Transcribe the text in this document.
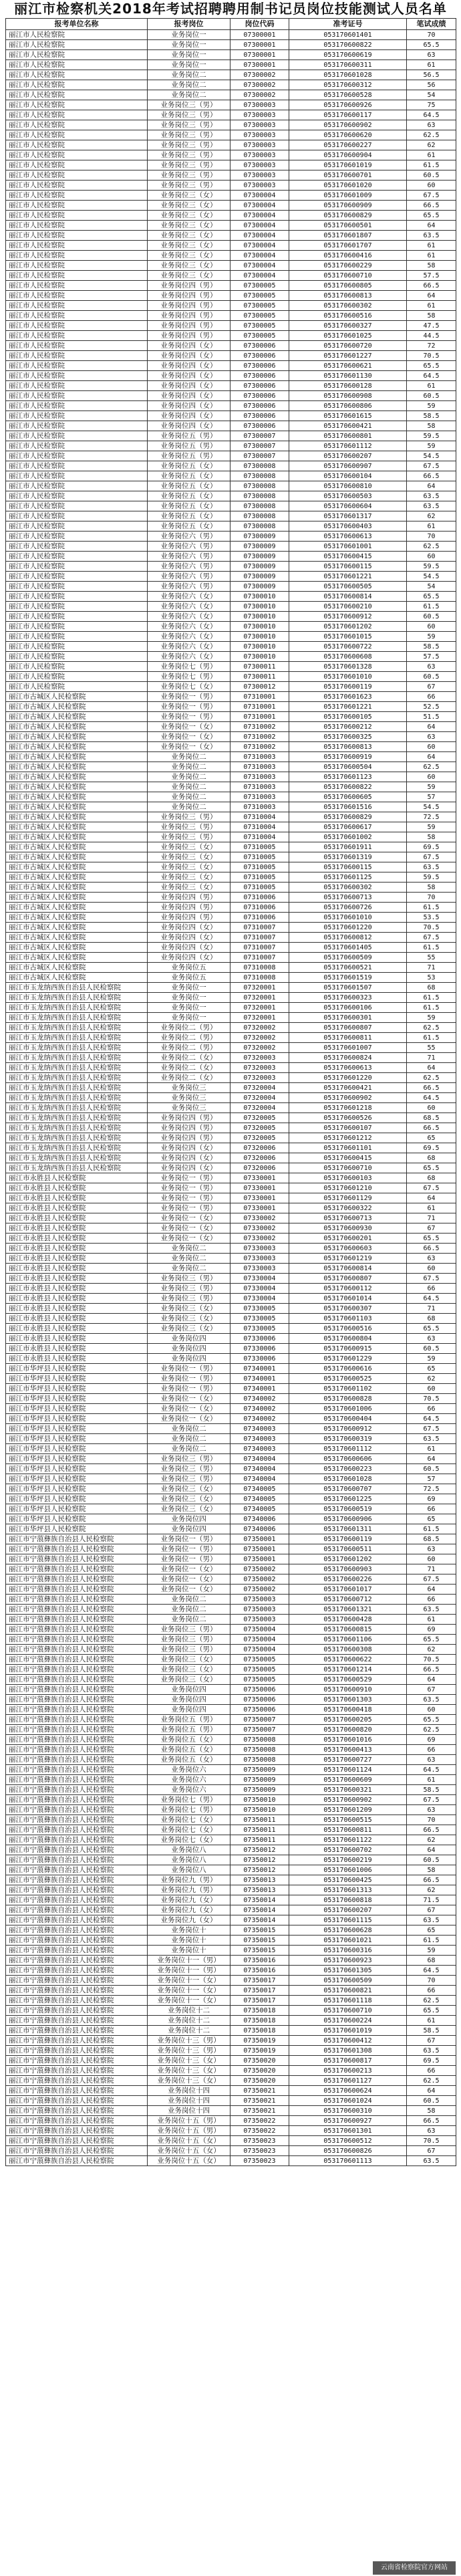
丽江市检察机关2018年考试招聘聘用制书记员岗位技能测试人员名单
报考单位名称	报考岗位	岗位代码	准考证号	笔试成绩
丽江市人民检察院	业务岗位一	07300001	053170601401	70
丽江市人民检察院	业务岗位一	07300001	053170600822	65.5
丽江市人民检察院	业务岗位一	07300001	053170600619	63
丽江市人民检察院	业务岗位一	07300001	053170600311	61
丽江市人民检察院	业务岗位二	07300002	053170601028	56.5
丽江市人民检察院	业务岗位二	07300002	053170600312	56
丽江市人民检察院	业务岗位二	07300002	053170600528	54
丽江市人民检察院	业务岗位三（男）	07300003	053170600926	75
丽江市人民检察院	业务岗位三（男）	07300003	053170600117	64.5
丽江市人民检察院	业务岗位三（男）	07300003	053170600902	63
丽江市人民检察院	业务岗位三（男）	07300003	053170600620	62.5
丽江市人民检察院	业务岗位三（男）	07300003	053170600227	62
丽江市人民检察院	业务岗位三（男）	07300003	053170600904	61
丽江市人民检察院	业务岗位三（男）	07300003	053170601019	61.5
丽江市人民检察院	业务岗位三（男）	07300003	053170600701	60.5
丽江市人民检察院	业务岗位三（男）	07300003	053170601020	60
丽江市人民检察院	业务岗位三（女）	07300004	053170601009	67.5
丽江市人民检察院	业务岗位三（女）	07300004	053170600909	66.5
丽江市人民检察院	业务岗位三（女）	07300004	053170600829	65.5
丽江市人民检察院	业务岗位三（女）	07300004	053170600501	64
丽江市人民检察院	业务岗位三（女）	07300004	053170601807	63.5
丽江市人民检察院	业务岗位三（女）	07300004	053170601707	61
丽江市人民检察院	业务岗位三（女）	07300004	053170600416	61
丽江市人民检察院	业务岗位三（女）	07300004	053170600229	58
丽江市人民检察院	业务岗位三（女）	07300004	053170600710	57.5
丽江市人民检察院	业务岗位四（男）	07300005	053170600805	66.5
丽江市人民检察院	业务岗位四（男）	07300005	053170600813	64
丽江市人民检察院	业务岗位四（男）	07300005	053170600302	61
丽江市人民检察院	业务岗位四（男）	07300005	053170600516	58
丽江市人民检察院	业务岗位四（男）	07300005	053170600327	47.5
丽江市人民检察院	业务岗位四（男）	07300005	053170601025	44.5
丽江市人民检察院	业务岗位四（女）	07300006	053170600720	72
丽江市人民检察院	业务岗位四（女）	07300006	053170601227	70.5
丽江市人民检察院	业务岗位四（女）	07300006	053170600621	65.5
丽江市人民检察院	业务岗位四（女）	07300006	053170601130	64.5
丽江市人民检察院	业务岗位四（女）	07300006	053170600128	61
丽江市人民检察院	业务岗位四（女）	07300006	053170600908	60.5
丽江市人民检察院	业务岗位四（女）	07300006	053170600806	59
丽江市人民检察院	业务岗位四（女）	07300006	053170601615	58.5
丽江市人民检察院	业务岗位四（女）	07300006	053170600421	58
丽江市人民检察院	业务岗位五（男）	07300007	053170600801	59.5
丽江市人民检察院	业务岗位五（男）	07300007	053170601112	59
丽江市人民检察院	业务岗位五（男）	07300007	053170600207	54.5
丽江市人民检察院	业务岗位五（女）	07300008	053170600907	67.5
丽江市人民检察院	业务岗位五（女）	07300008	053170600104	66.5
丽江市人民检察院	业务岗位五（女）	07300008	053170600810	64
丽江市人民检察院	业务岗位五（女）	07300008	053170600503	63.5
丽江市人民检察院	业务岗位五（女）	07300008	053170600604	63.5
丽江市人民检察院	业务岗位五（女）	07300008	053170601317	62
丽江市人民检察院	业务岗位五（女）	07300008	053170600403	61
丽江市人民检察院	业务岗位六（男）	07300009	053170600613	70
丽江市人民检察院	业务岗位六（男）	07300009	053170601001	62.5
丽江市人民检察院	业务岗位六（男）	07300009	053170600415	60
丽江市人民检察院	业务岗位六（男）	07300009	053170600115	59.5
丽江市人民检察院	业务岗位六（男）	07300009	053170601221	54.5
丽江市人民检察院	业务岗位六（男）	07300009	053170600505	54
丽江市人民检察院	业务岗位六（女）	07300010	053170600814	65.5
丽江市人民检察院	业务岗位六（女）	07300010	053170600210	61.5
丽江市人民检察院	业务岗位六（女）	07300010	053170600912	60.5
丽江市人民检察院	业务岗位六（女）	07300010	053170601202	60
丽江市人民检察院	业务岗位六（女）	07300010	053170601015	59
丽江市人民检察院	业务岗位六（女）	07300010	053170600722	58.5
丽江市人民检察院	业务岗位六（女）	07300010	053170600608	57.5
丽江市人民检察院	业务岗位七（男）	07300011	053170601328	63
丽江市人民检察院	业务岗位七（男）	07300011	053170601010	60.5
丽江市人民检察院	业务岗位七（女）	07300012	053170600119	67
丽江市古城区人民检察院	业务岗位一（男）	07310001	053170601623	66
丽江市古城区人民检察院	业务岗位一（男）	07310001	053170601221	52.5
丽江市古城区人民检察院	业务岗位一（男）	07310001	053170600105	51.5
丽江市古城区人民检察院	业务岗位一（女）	07310002	053170600212	64
丽江市古城区人民检察院	业务岗位一（女）	07310002	053170600325	63
丽江市古城区人民检察院	业务岗位一（女）	07310002	053170600813	60
丽江市古城区人民检察院	业务岗位二	07310003	053170600919	64
丽江市古城区人民检察院	业务岗位二	07310003	053170600504	62.5
丽江市古城区人民检察院	业务岗位二	07310003	053170601123	60
丽江市古城区人民检察院	业务岗位二	07310003	053170600822	59
丽江市古城区人民检察院	业务岗位二	07310003	053170600605	57
丽江市古城区人民检察院	业务岗位二	07310003	053170601516	54.5
丽江市古城区人民检察院	业务岗位三（男）	07310004	053170600829	72.5
丽江市古城区人民检察院	业务岗位三（男）	07310004	053170600617	59
丽江市古城区人民检察院	业务岗位三（男）	07310004	053170601002	58
丽江市古城区人民检察院	业务岗位三（女）	07310005	053170601911	69.5
丽江市古城区人民检察院	业务岗位三（女）	07310005	053170601319	67.5
丽江市古城区人民检察院	业务岗位三（女）	07310005	053170600115	63.5
丽江市古城区人民检察院	业务岗位三（女）	07310005	053170601125	59.5
丽江市古城区人民检察院	业务岗位三（女）	07310005	053170600302	58
丽江市古城区人民检察院	业务岗位四（男）	07310006	053170600713	70
丽江市古城区人民检察院	业务岗位四（男）	07310006	053170600726	61.5
丽江市古城区人民检察院	业务岗位四（男）	07310006	053170601010	53.5
丽江市古城区人民检察院	业务岗位四（女）	07310007	053170601220	70.5
丽江市古城区人民检察院	业务岗位四（女）	07310007	053170600812	67.5
丽江市古城区人民检察院	业务岗位四（女）	07310007	053170601405	61.5
丽江市古城区人民检察院	业务岗位四（女）	07310007	053170600509	55
丽江市古城区人民检察院	业务岗位五	07310008	053170600521	71
丽江市古城区人民检察院	业务岗位五	07310008	053170601519	53
丽江市玉龙纳西族自治县人民检察院	业务岗位一	07320001	053170601507	68
丽江市玉龙纳西族自治县人民检察院	业务岗位一	07320001	053170600323	61.5
丽江市玉龙纳西族自治县人民检察院	业务岗位一	07320001	053170600106	61.5
丽江市玉龙纳西族自治县人民检察院	业务岗位一	07320001	053170600301	59
丽江市玉龙纳西族自治县人民检察院	业务岗位二（男）	07320002	053170600807	62.5
丽江市玉龙纳西族自治县人民检察院	业务岗位二（男）	07320002	053170600811	61.5
丽江市玉龙纳西族自治县人民检察院	业务岗位二（男）	07320002	053170601007	55
丽江市玉龙纳西族自治县人民检察院	业务岗位二（女）	07320003	053170600824	71
丽江市玉龙纳西族自治县人民检察院	业务岗位二（女）	07320003	053170600613	64
丽江市玉龙纳西族自治县人民检察院	业务岗位二（女）	07320003	053170601220	62.5
丽江市玉龙纳西族自治县人民检察院	业务岗位三	07320004	053170600421	66.5
丽江市玉龙纳西族自治县人民检察院	业务岗位三	07320004	053170600902	64.5
丽江市玉龙纳西族自治县人民检察院	业务岗位三	07320004	053170601218	60
丽江市玉龙纳西族自治县人民检察院	业务岗位四（男）	07320005	053170600526	68.5
丽江市玉龙纳西族自治县人民检察院	业务岗位四（男）	07320005	053170600107	66.5
丽江市玉龙纳西族自治县人民检察院	业务岗位四（男）	07320005	053170601212	65
丽江市玉龙纳西族自治县人民检察院	业务岗位四（女）	07320006	053170601101	69.5
丽江市玉龙纳西族自治县人民检察院	业务岗位四（女）	07320006	053170600415	68
丽江市玉龙纳西族自治县人民检察院	业务岗位四（女）	07320006	053170600710	65.5
丽江市永胜县人民检察院	业务岗位一（男）	07330001	053170600103	68
丽江市永胜县人民检察院	业务岗位一（男）	07330001	053170601210	67.5
丽江市永胜县人民检察院	业务岗位一（男）	07330001	053170601129	64
丽江市永胜县人民检察院	业务岗位一（男）	07330001	053170600322	61
丽江市永胜县人民检察院	业务岗位一（女）	07330002	053170600713	71
丽江市永胜县人民检察院	业务岗位一（女）	07330002	053170600930	67
丽江市永胜县人民检察院	业务岗位一（女）	07330002	053170600201	65.5
丽江市永胜县人民检察院	业务岗位二	07330003	053170600603	66.5
丽江市永胜县人民检察院	业务岗位二	07330003	053170601219	63
丽江市永胜县人民检察院	业务岗位二	07330003	053170600814	60
丽江市永胜县人民检察院	业务岗位三（男）	07330004	053170600807	67.5
丽江市永胜县人民检察院	业务岗位三（男）	07330004	053170600112	66
丽江市永胜县人民检察院	业务岗位三（男）	07330004	053170601014	64.5
丽江市永胜县人民检察院	业务岗位三（女）	07330005	053170600307	71
丽江市永胜县人民检察院	业务岗位三（女）	07330005	053170601103	68
丽江市永胜县人民检察院	业务岗位三（女）	07330005	053170600516	65.5
丽江市永胜县人民检察院	业务岗位四	07330006	053170600804	63
丽江市永胜县人民检察院	业务岗位四	07330006	053170600915	60.5
丽江市永胜县人民检察院	业务岗位四	07330006	053170601229	59
丽江市华坪县人民检察院	业务岗位一（男）	07340001	053170600616	65
丽江市华坪县人民检察院	业务岗位一（男）	07340001	053170600525	62
丽江市华坪县人民检察院	业务岗位一（男）	07340001	053170601102	60
丽江市华坪县人民检察院	业务岗位一（女）	07340002	053170600828	70.5
丽江市华坪县人民检察院	业务岗位一（女）	07340002	053170601006	66
丽江市华坪县人民检察院	业务岗位一（女）	07340002	053170600404	64.5
丽江市华坪县人民检察院	业务岗位二	07340003	053170600912	67.5
丽江市华坪县人民检察院	业务岗位二	07340003	053170600319	63.5
丽江市华坪县人民检察院	业务岗位二	07340003	053170601112	61
丽江市华坪县人民检察院	业务岗位三（男）	07340004	053170600606	64
丽江市华坪县人民检察院	业务岗位三（男）	07340004	053170600223	60.5
丽江市华坪县人民检察院	业务岗位三（男）	07340004	053170601028	57
丽江市华坪县人民检察院	业务岗位三（女）	07340005	053170600707	72.5
丽江市华坪县人民检察院	业务岗位三（女）	07340005	053170601225	69
丽江市华坪县人民检察院	业务岗位三（女）	07340005	053170600519	66
丽江市华坪县人民检察院	业务岗位四	07340006	053170600906	65
丽江市华坪县人民检察院	业务岗位四	07340006	053170601311	61.5
丽江市宁蒗彝族自治县人民检察院	业务岗位一（男）	07350001	053170600119	68.5
丽江市宁蒗彝族自治县人民检察院	业务岗位一（男）	07350001	053170600511	63
丽江市宁蒗彝族自治县人民检察院	业务岗位一（男）	07350001	053170601202	60
丽江市宁蒗彝族自治县人民检察院	业务岗位一（女）	07350002	053170600903	71
丽江市宁蒗彝族自治县人民检察院	业务岗位一（女）	07350002	053170600226	67.5
丽江市宁蒗彝族自治县人民检察院	业务岗位一（女）	07350002	053170601017	64
丽江市宁蒗彝族自治县人民检察院	业务岗位二	07350003	053170600712	66
丽江市宁蒗彝族自治县人民检察院	业务岗位二	07350003	053170601321	63.5
丽江市宁蒗彝族自治县人民检察院	业务岗位二	07350003	053170600428	61
丽江市宁蒗彝族自治县人民检察院	业务岗位三（男）	07350004	053170600815	69
丽江市宁蒗彝族自治县人民检察院	业务岗位三（男）	07350004	053170601106	65.5
丽江市宁蒗彝族自治县人民检察院	业务岗位三（男）	07350004	053170600308	62
丽江市宁蒗彝族自治县人民检察院	业务岗位三（女）	07350005	053170600622	70.5
丽江市宁蒗彝族自治县人民检察院	业务岗位三（女）	07350005	053170601214	66.5
丽江市宁蒗彝族自治县人民检察院	业务岗位三（女）	07350005	053170600529	64
丽江市宁蒗彝族自治县人民检察院	业务岗位四	07350006	053170600910	67
丽江市宁蒗彝族自治县人民检察院	业务岗位四	07350006	053170601303	63.5
丽江市宁蒗彝族自治县人民检察院	业务岗位四	07350006	053170600418	60
丽江市宁蒗彝族自治县人民检察院	业务岗位五（男）	07350007	053170600205	65.5
丽江市宁蒗彝族自治县人民检察院	业务岗位五（男）	07350007	053170600820	62.5
丽江市宁蒗彝族自治县人民检察院	业务岗位五（女）	07350008	053170601016	69
丽江市宁蒗彝族自治县人民检察院	业务岗位五（女）	07350008	053170600413	66
丽江市宁蒗彝族自治县人民检察院	业务岗位五（女）	07350008	053170600727	63
丽江市宁蒗彝族自治县人民检察院	业务岗位六	07350009	053170601124	64.5
丽江市宁蒗彝族自治县人民检察院	业务岗位六	07350009	053170600609	61
丽江市宁蒗彝族自治县人民检察院	业务岗位六	07350009	053170600321	58.5
丽江市宁蒗彝族自治县人民检察院	业务岗位七（男）	07350010	053170600902	67.5
丽江市宁蒗彝族自治县人民检察院	业务岗位七（男）	07350010	053170601209	63
丽江市宁蒗彝族自治县人民检察院	业务岗位七（女）	07350011	053170600515	70
丽江市宁蒗彝族自治县人民检察院	业务岗位七（女）	07350011	053170600811	66.5
丽江市宁蒗彝族自治县人民检察院	业务岗位七（女）	07350011	053170601122	62
丽江市宁蒗彝族自治县人民检察院	业务岗位八	07350012	053170600702	64
丽江市宁蒗彝族自治县人民检察院	业务岗位八	07350012	053170600219	60.5
丽江市宁蒗彝族自治县人民检察院	业务岗位八	07350012	053170601006	58
丽江市宁蒗彝族自治县人民检察院	业务岗位九（男）	07350013	053170600425	66.5
丽江市宁蒗彝族自治县人民检察院	业务岗位九（男）	07350013	053170601313	62
丽江市宁蒗彝族自治县人民检察院	业务岗位九（女）	07350014	053170600818	71.5
丽江市宁蒗彝族自治县人民检察院	业务岗位九（女）	07350014	053170600207	67
丽江市宁蒗彝族自治县人民检察院	业务岗位九（女）	07350014	053170601115	63.5
丽江市宁蒗彝族自治县人民检察院	业务岗位十	07350015	053170600628	65
丽江市宁蒗彝族自治县人民检察院	业务岗位十	07350015	053170601021	61.5
丽江市宁蒗彝族自治县人民检察院	业务岗位十	07350015	053170600316	59
丽江市宁蒗彝族自治县人民检察院	业务岗位十一（男）	07350016	053170600923	68
丽江市宁蒗彝族自治县人民检察院	业务岗位十一（男）	07350016	053170601305	64.5
丽江市宁蒗彝族自治县人民检察院	业务岗位十一（女）	07350017	053170600509	70
丽江市宁蒗彝族自治县人民检察院	业务岗位十一（女）	07350017	053170600821	66
丽江市宁蒗彝族自治县人民检察院	业务岗位十一（女）	07350017	053170601118	62.5
丽江市宁蒗彝族自治县人民检察院	业务岗位十二	07350018	053170600710	65.5
丽江市宁蒗彝族自治县人民检察院	业务岗位十二	07350018	053170600224	61
丽江市宁蒗彝族自治县人民检察院	业务岗位十二	07350018	053170601019	58.5
丽江市宁蒗彝族自治县人民检察院	业务岗位十三（男）	07350019	053170600412	67
丽江市宁蒗彝族自治县人民检察院	业务岗位十三（男）	07350019	053170601308	63.5
丽江市宁蒗彝族自治县人民检察院	业务岗位十三（女）	07350020	053170600817	69.5
丽江市宁蒗彝族自治县人民检察院	业务岗位十三（女）	07350020	053170600213	66
丽江市宁蒗彝族自治县人民检察院	业务岗位十三（女）	07350020	053170601127	62.5
丽江市宁蒗彝族自治县人民检察院	业务岗位十四	07350021	053170600624	64
丽江市宁蒗彝族自治县人民检察院	业务岗位十四	07350021	053170601024	60.5
丽江市宁蒗彝族自治县人民检察院	业务岗位十四	07350021	053170600310	58
丽江市宁蒗彝族自治县人民检察院	业务岗位十五（男）	07350022	053170600927	66.5
丽江市宁蒗彝族自治县人民检察院	业务岗位十五（男）	07350022	053170601301	63
丽江市宁蒗彝族自治县人民检察院	业务岗位十五（女）	07350023	053170600512	70.5
丽江市宁蒗彝族自治县人民检察院	业务岗位十五（女）	07350023	053170600826	67
丽江市宁蒗彝族自治县人民检察院	业务岗位十五（女）	07350023	053170601113	63.5
云南省检察院官方网站
